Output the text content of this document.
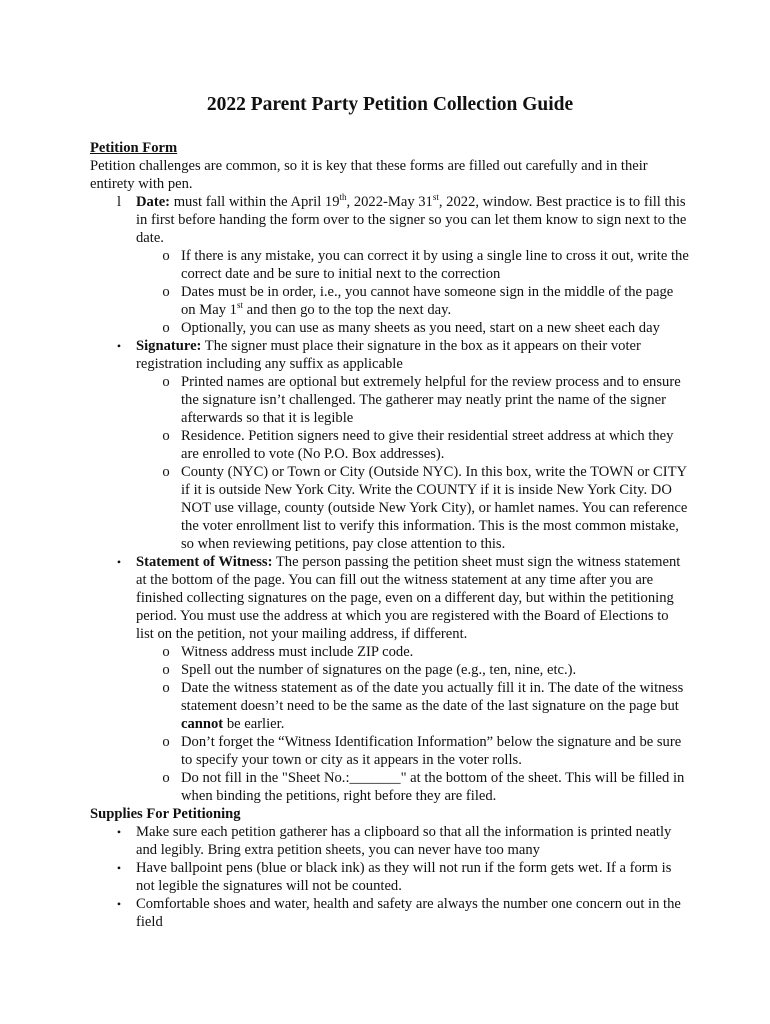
2022 Parent Party Petition Collection Guide
Petition Form

Petition challenges are common, so it is key that these forms are filled out carefully and in their entirety with pen.

l Date: must fall within the April 19th, 2022-May 31st, 2022, window. Best practice is to fill this in first before handing the form over to the signer so you can let them know to sign next to the date.
o If there is any mistake, you can correct it by using a single line to cross it out, write the correct date and be sure to initial next to the correction
o Dates must be in order, i.e., you cannot have someone sign in the middle of the page on May 1st and then go to the top the next day.
o Optionally, you can use as many sheets as you need, start on a new sheet each day
• Signature: The signer must place their signature in the box as it appears on their voter registration including any suffix as applicable
o Printed names are optional but extremely helpful for the review process and to ensure the signature isn’t challenged. The gatherer may neatly print the name of the signer afterwards so that it is legible
o Residence. Petition signers need to give their residential street address at which they are enrolled to vote (No P.O. Box addresses).
o County (NYC) or Town or City (Outside NYC). In this box, write the TOWN or CITY if it is outside New York City. Write the COUNTY if it is inside New York City. DO NOT use village, county (outside New York City), or hamlet names. You can reference the voter enrollment list to verify this information. This is the most common mistake, so when reviewing petitions, pay close attention to this.
• Statement of Witness: The person passing the petition sheet must sign the witness statement at the bottom of the page. You can fill out the witness statement at any time after you are finished collecting signatures on the page, even on a different day, but within the petitioning period. You must use the address at which you are registered with the Board of Elections to list on the petition, not your mailing address, if different.
o Witness address must include ZIP code.
o Spell out the number of signatures on the page (e.g., ten, nine, etc.).
o Date the witness statement as of the date you actually fill it in. The date of the witness statement doesn’t need to be the same as the date of the last signature on the page but cannot be earlier.
o Don’t forget the “Witness Identification Information” below the signature and be sure to specify your town or city as it appears in the voter rolls.
o Do not fill in the "Sheet No.:_______" at the bottom of the sheet. This will be filled in when binding the petitions, right before they are filed.
Supplies For Petitioning
• Make sure each petition gatherer has a clipboard so that all the information is printed neatly and legibly. Bring extra petition sheets, you can never have too many
• Have ballpoint pens (blue or black ink) as they will not run if the form gets wet. If a form is not legible the signatures will not be counted.
• Comfortable shoes and water, health and safety are always the number one concern out in the field
